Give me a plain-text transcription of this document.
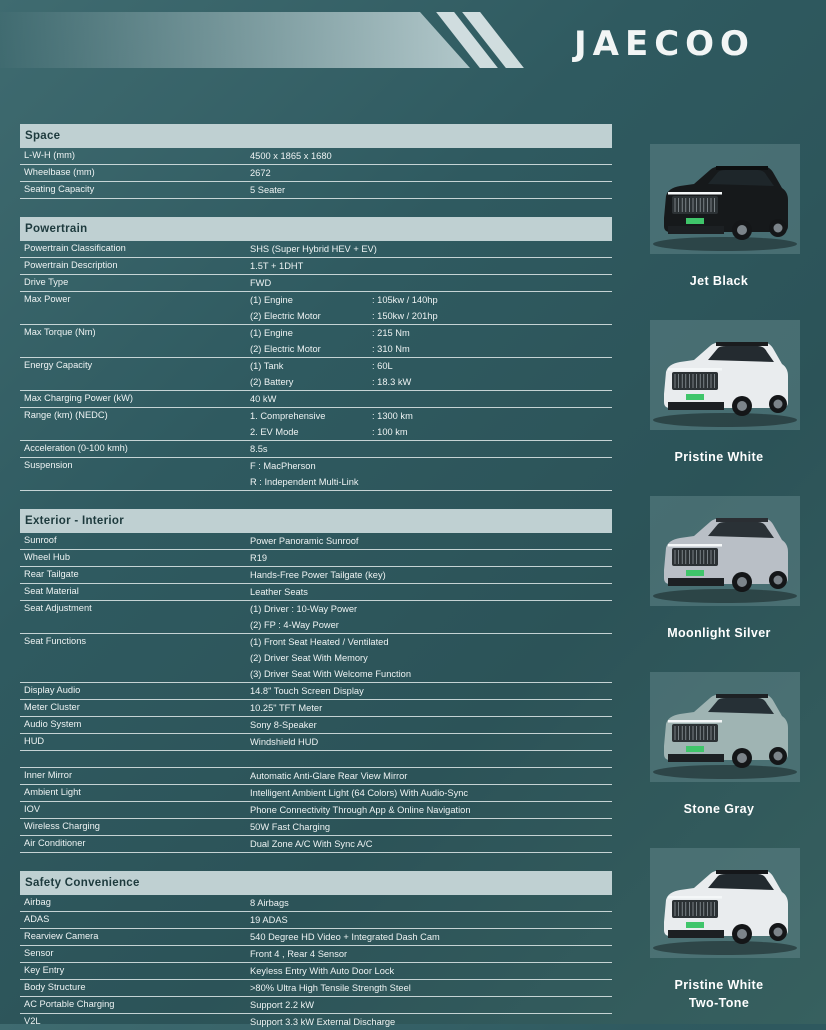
JAECOO
Space
L-W-H (mm)	4500 x 1865 x 1680
Wheelbase (mm)	2672
Seating Capacity	5 Seater
Powertrain
Powertrain Classification	SHS (Super Hybrid HEV + EV)
Powertrain Description	1.5T + 1DHT
Drive Type	FWD
Max Power	(1) Engine	: 105kw / 140hp
(2) Electric Motor	: 150kw / 201hp
Max Torque (Nm)	(1) Engine	: 215 Nm
(2) Electric Motor	: 310 Nm
Energy Capacity	(1) Tank	: 60L
(2) Battery	: 18.3 kW
Max Charging Power (kW)	40 kW
Range (km) (NEDC)	1. Comprehensive	: 1300 km
2. EV Mode	: 100 km
Acceleration (0-100 kmh)	8.5s
Suspension	F : MacPherson
R : Independent Multi-Link
Exterior - Interior
Sunroof	Power Panoramic Sunroof
Wheel Hub	R19
Rear Tailgate	Hands-Free Power Tailgate (key)
Seat Material	Leather Seats
Seat Adjustment	(1) Driver : 10-Way Power
(2) FP : 4-Way Power
Seat Functions	(1) Front Seat Heated / Ventilated
(2) Driver Seat With Memory
(3) Driver Seat With Welcome Function
Display Audio	14.8" Touch Screen Display
Meter Cluster	10.25" TFT Meter
Audio System	Sony 8-Speaker
HUD	Windshield HUD
Inner Mirror	Automatic Anti-Glare Rear View Mirror
Ambient Light	Intelligent Ambient Light (64 Colors) With Audio-Sync
IOV	Phone Connectivity Through App & Online Navigation
Wireless Charging	50W Fast Charging
Air Conditioner	Dual Zone A/C With Sync A/C
Safety Convenience
Airbag	8 Airbags
ADAS	19 ADAS
Rearview Camera	540 Degree HD Video + Integrated Dash Cam
Sensor	Front 4 , Rear 4 Sensor
Key Entry	Keyless Entry With Auto Door Lock
Body Structure	>80% Ultra High Tensile Strength Steel
AC Portable Charging	Support 2.2 kW
V2L	Support 3.3 kW External Discharge
Jet Black
Pristine White
Moonlight Silver
Stone Gray
Pristine White
Two-Tone
